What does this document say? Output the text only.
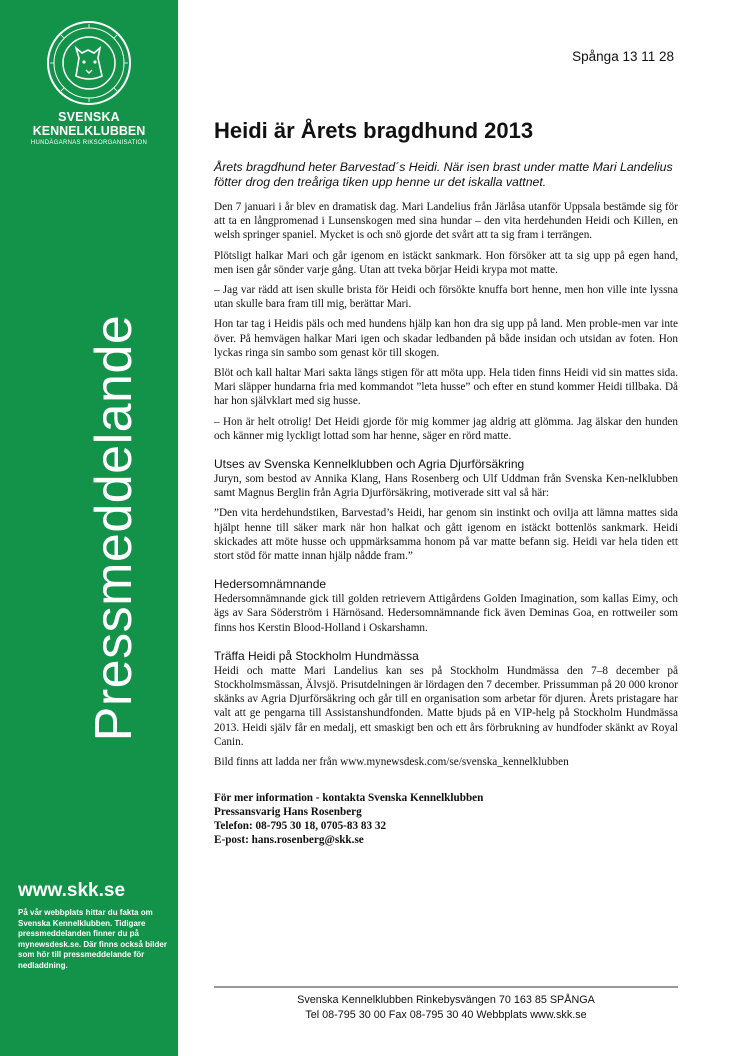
SVENSKA
KENNELKLUBBEN
HUNDÄGARNAS RIKSORGANISATION
Pressmeddelande
www.skk.se
På vår webbplats hittar du fakta om Svenska Kennelklubben. Tidigare pressmeddelanden finner du på mynewsdesk.se. Där finns också bilder som hör till pressmeddelande för nedladdning.
Spånga 13 11 28
Heidi är Årets bragdhund 2013
Årets bragdhund heter Barvestad´s Heidi. När isen brast under matte Mari Landelius fötter drog den treåriga tiken upp henne ur det iskalla vattnet.

Den 7 januari i år blev en dramatisk dag. Mari Landelius från Järlåsa utanför Uppsala bestämde sig för att ta en långpromenad i Lunsenskogen med sina hundar – den vita herdehunden Heidi och Killen, en welsh springer spaniel. Mycket is och snö gjorde det svårt att ta sig fram i terrängen.

Plötsligt halkar Mari och går igenom en istäckt sankmark. Hon försöker att ta sig upp på egen hand, men isen går sönder varje gång. Utan att tveka börjar Heidi krypa mot matte.

– Jag var rädd att isen skulle brista för Heidi och försökte knuffa bort henne, men hon ville inte lyssna utan skulle bara fram till mig, berättar Mari.

Hon tar tag i Heidis päls och med hundens hjälp kan hon dra sig upp på land. Men proble-men var inte över. På hemvägen halkar Mari igen och skadar ledbanden på både insidan och utsidan av foten. Hon lyckas ringa sin sambo som genast kör till skogen.

Blöt och kall haltar Mari sakta längs stigen för att möta upp. Hela tiden finns Heidi vid sin mattes sida. Mari släpper hundarna fria med kommandot ”leta husse” och efter en stund kommer Heidi tillbaka. Då har hon självklart med sig husse.

– Hon är helt otrolig! Det Heidi gjorde för mig kommer jag aldrig att glömma. Jag älskar den hunden och känner mig lyckligt lottad som har henne, säger en rörd matte.

Utses av Svenska Kennelklubben och Agria Djurförsäkring

Juryn, som bestod av Annika Klang, Hans Rosenberg och Ulf Uddman från Svenska Ken-nelklubben samt Magnus Berglin från Agria Djurförsäkring, motiverade sitt val så här:

”Den vita herdehundstiken, Barvestad’s Heidi, har genom sin instinkt och ovilja att lämna mattes sida hjälpt henne till säker mark när hon halkat och gått igenom en istäckt bottenlös sankmark. Heidi skickades att möte husse och uppmärksamma honom på var matte befann sig. Heidi var hela tiden ett stort stöd för matte innan hjälp nådde fram.”

Hedersomnämnande

Hedersomnämnande gick till golden retrievern Attigårdens Golden Imagination, som kallas Eimy, och ägs av Sara Söderström i Härnösand. Hedersomnämnande fick även Deminas Goa, en rottweiler som finns hos Kerstin Blood-Holland i Oskarshamn.

Träffa Heidi på Stockholm Hundmässa

Heidi och matte Mari Landelius kan ses på Stockholm Hundmässa den 7–8 december på Stockholmsmässan, Älvsjö. Prisutdelningen är lördagen den 7 december. Prissumman på 20 000 kronor skänks av Agria Djurförsäkring och går till en organisation som arbetar för djuren. Årets pristagare har valt att ge pengarna till Assistanshundfonden. Matte bjuds på en VIP-helg på Stockholm Hundmässa 2013. Heidi själv får en medalj, ett smaskigt ben och ett års förbrukning av hundfoder skänkt av Royal Canin.

Bild finns att ladda ner från www.mynewsdesk.com/se/svenska_kennelklubben

För mer information - kontakta Svenska Kennelklubben
Pressansvarig Hans Rosenberg
Telefon: 08-795 30 18, 0705-83 83 32
E-post: hans.rosenberg@skk.se
Svenska Kennelklubben Rinkebysvängen 70 163 85 SPÅNGA
Tel 08-795 30 00 Fax 08-795 30 40 Webbplats www.skk.se
